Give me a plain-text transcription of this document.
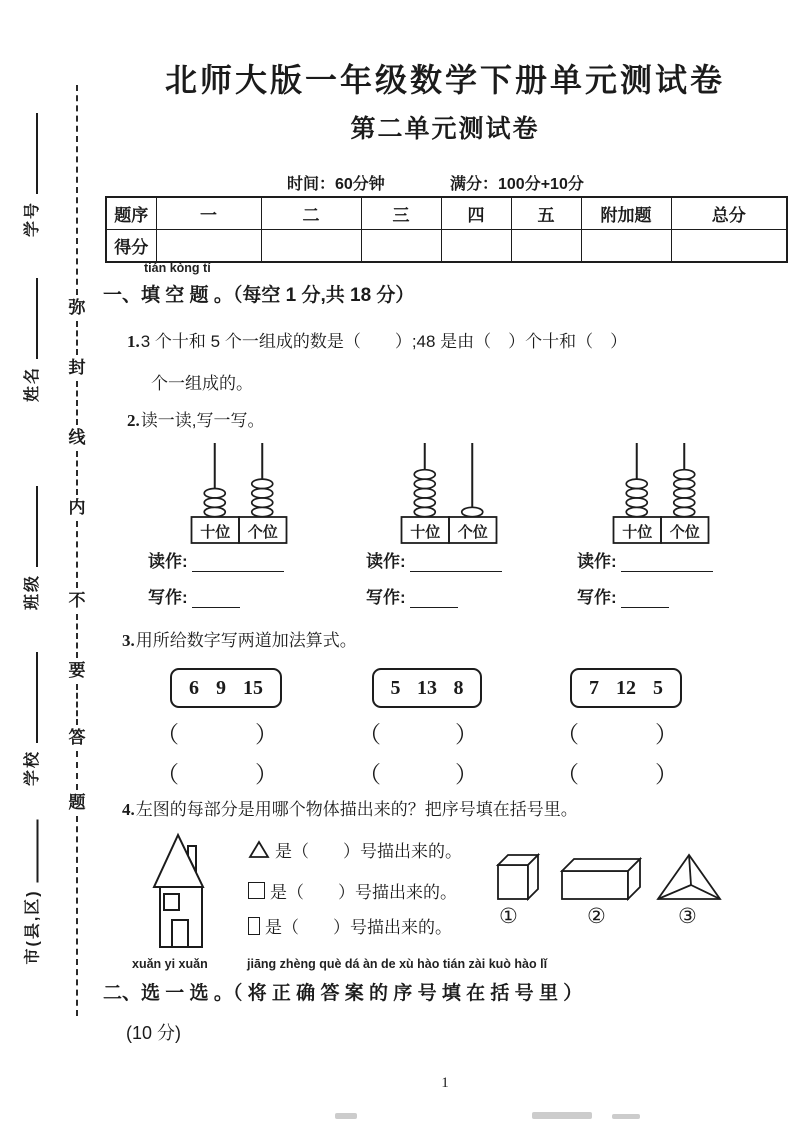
学号
姓名
班级
学校
市(县,区)
弥
封
线
内
不
要
答
题
北师大版一年级数学下册单元测试卷
第二单元测试卷
时间：60分钟	满分：100分+10分
题序	一	二	三	四	五	附加题	总分
得分							
tián kòng tí
一、填 空 题 。（每空 1 分,共 18 分）
1.3 个十和 5 个一组成的数是（　　）;48 是由（　）个十和（　）
个一组成的。
2.读一读,写一写。
十位 个位	十位 个位	十位 个位
读作:	读作:	读作:
写作:	写作:	写作:
3.用所给数字写两道加法算式。
6 9 15	5 13 8	7 12 5
（	）	（	）	（	）
（	）	（	）	（	）
4.左图的每部分是用哪个物体描出来的？把序号填在括号里。
是（　　）号描出来的。
是（　　）号描出来的。
是（　　）号描出来的。 ①	②	③
xuǎn yi xuǎn	jiāng zhèng què dá àn de xù hào tián zài kuò hào lǐ
二、选 一 选 。（ 将 正 确 答 案 的 序 号 填 在 括 号 里 ）
(10 分)
1
